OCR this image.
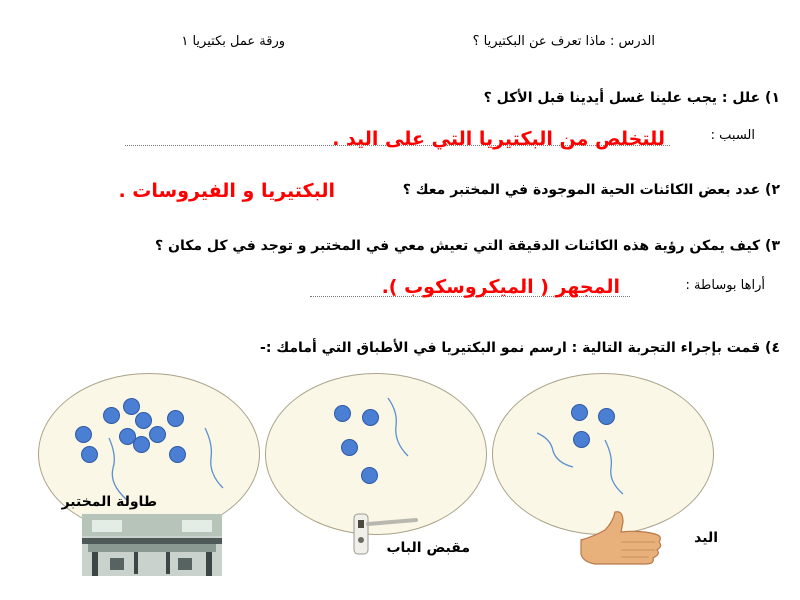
ورقة عمل بكتيريا ١	الدرس : ماذا تعرف عن البكتيريا ؟
١) علل : يجب علينا غسل أيدينا قبل الأكل ؟
السبب :
للتخلص من البكتيريا التي على اليد .
٢) عدد بعض الكائنات الحية الموجودة في المختبر معك ؟
البكتيريا و الفيروسات .
٣) كيف يمكن رؤية هذه الكائنات الدقيقة التي تعيش معي في المختبر و توجد في كل مكان ؟
أراها بوساطة :
المجهر ( الميكروسكوب ).
٤) قمت بإجراء التجربة التالية : ارسم نمو البكتيريا في الأطباق التي أمامك :-
طاولة المختبر
مقبض الباب
اليد
